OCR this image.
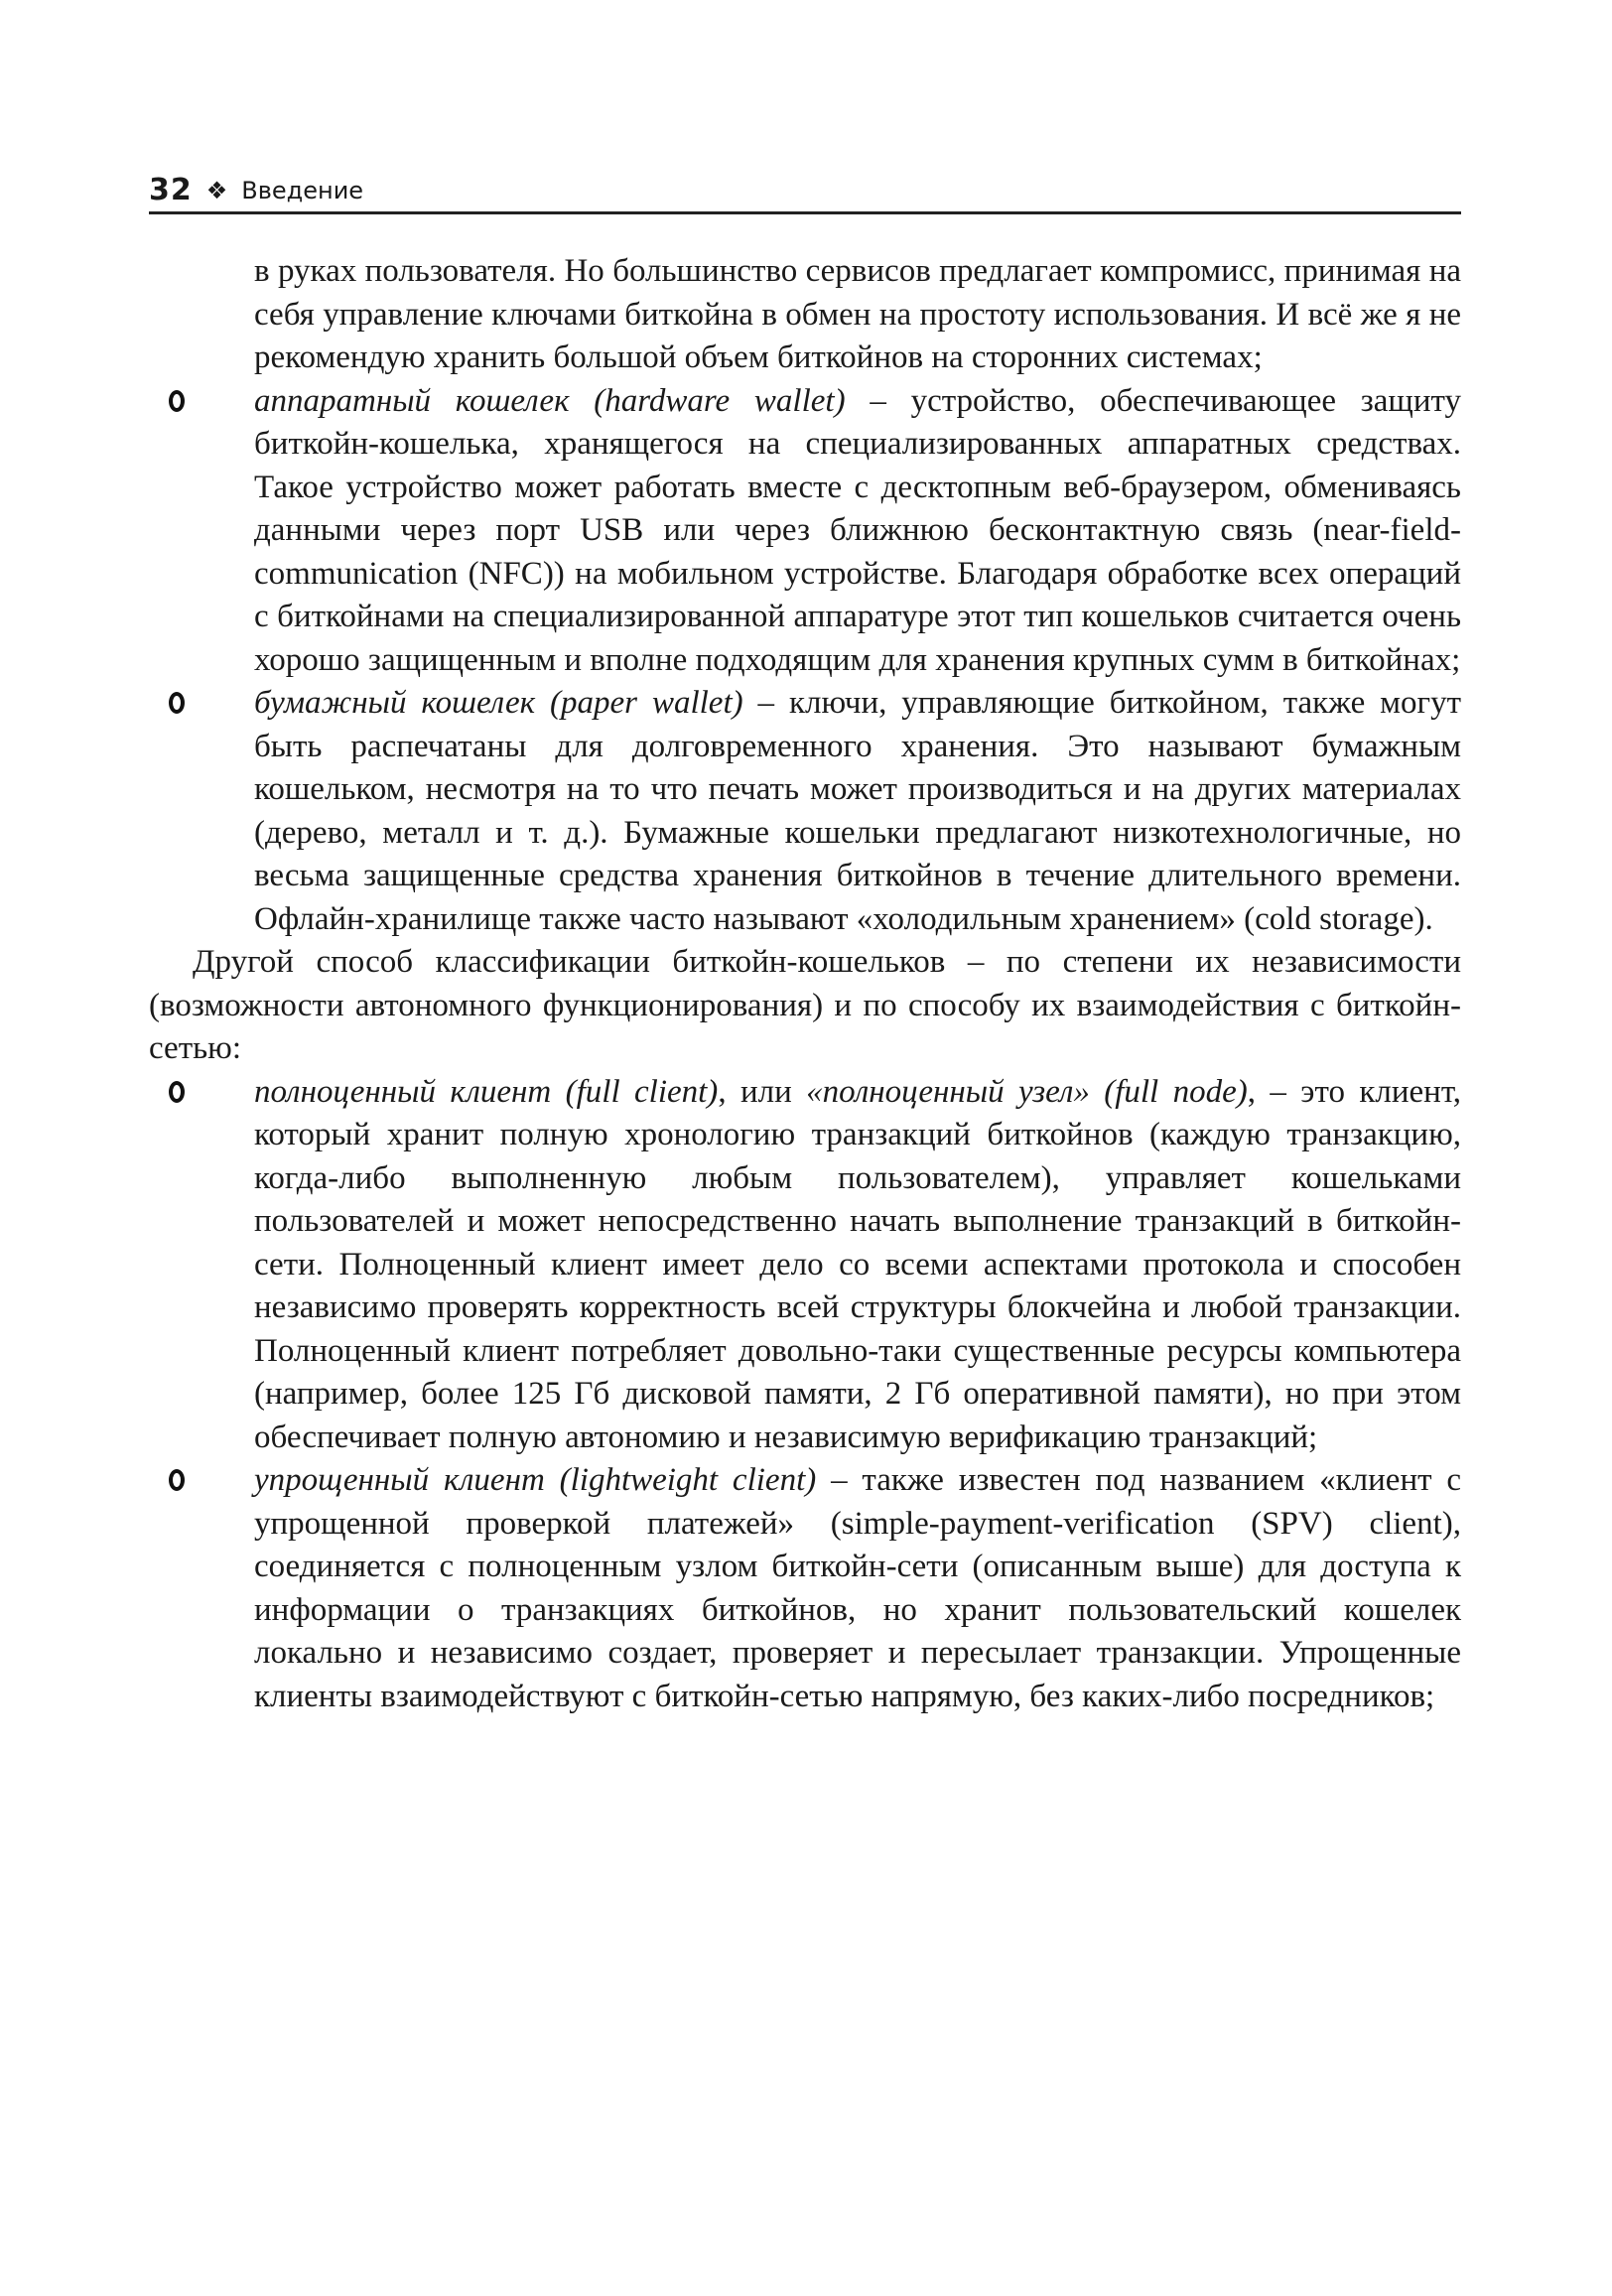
32 ❖ Введение
в руках пользователя. Но большинство сервисов предлагает компромисс, принимая на себя управление ключами биткойна в обмен на простоту использования. И всё же я не рекомендую хранить большой объем биткойнов на сторонних системах;
аппаратный кошелек (hardware wallet) – устройство, обеспечивающее защиту биткойн-кошелька, хранящегося на специализированных аппаратных средствах. Такое устройство может работать вместе с десктопным веб-браузером, обмениваясь данными через порт USB или через ближнюю бесконтактную связь (near-field-communication (NFC)) на мобильном устройстве. Благодаря обработке всех операций с биткойнами на специализированной аппаратуре этот тип кошельков считается очень хорошо защищенным и вполне подходящим для хранения крупных сумм в биткойнах;
бумажный кошелек (paper wallet) – ключи, управляющие биткойном, также могут быть распечатаны для долговременного хранения. Это называют бумажным кошельком, несмотря на то что печать может производиться и на других материалах (дерево, металл и т. д.). Бумажные кошельки предлагают низкотехнологичные, но весьма защищенные средства хранения биткойнов в течение длительного времени. Офлайн-хранилище также часто называют «холодильным хранением» (cold storage).
Другой способ классификации биткойн-кошельков – по степени их независимости (возможности автономного функционирования) и по способу их взаимодействия с биткойн-сетью:
полноценный клиент (full client), или «полноценный узел» (full node), – это клиент, который хранит полную хронологию транзакций биткойнов (каждую транзакцию, когда-либо выполненную любым пользователем), управляет кошельками пользователей и может непосредственно начать выполнение транзакций в биткойн-сети. Полноценный клиент имеет дело со всеми аспектами протокола и способен независимо проверять корректность всей структуры блокчейна и любой транзакции. Полноценный клиент потребляет довольно-таки существенные ресурсы компьютера (например, более 125 Гб дисковой памяти, 2 Гб оперативной памяти), но при этом обеспечивает полную автономию и независимую верификацию транзакций;
упрощенный клиент (lightweight client) – также известен под названием «клиент с упрощенной проверкой платежей» (simple-payment-verification (SPV) client), соединяется с полноценным узлом биткойн-сети (описанным выше) для доступа к информации о транзакциях биткойнов, но хранит пользовательский кошелек локально и независимо создает, проверяет и пересылает транзакции. Упрощенные клиенты взаимодействуют с биткойн-сетью напрямую, без каких-либо посредников;
